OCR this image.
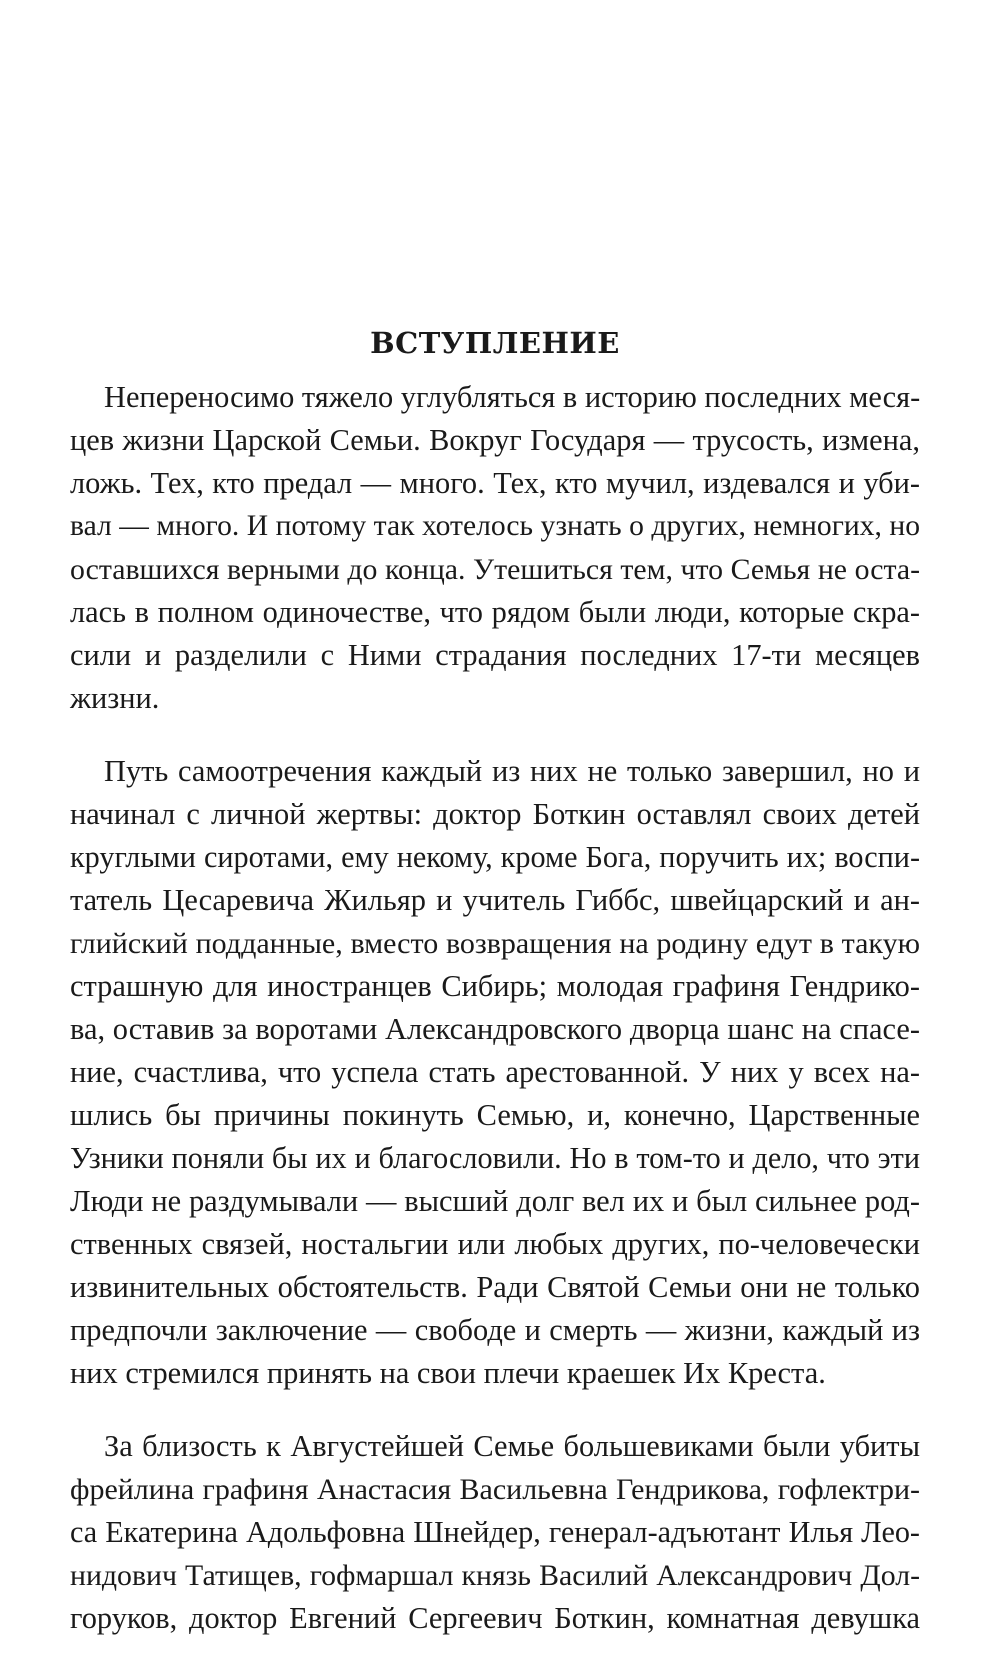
ВСТУПЛЕНИЕ
Непереносимо тяжело углубляться в историю последних меся-
цев жизни Царской Семьи. Вокруг Государя — трусость, измена,
ложь. Тех, кто предал — много. Тех, кто мучил, издевался и уби-
вал — много. И потому так хотелось узнать о других, немногих, но
оставшихся верными до конца. Утешиться тем, что Семья не оста-
лась в полном одиночестве, что рядом были люди, которые скра-
сили и разделили с Ними страдания последних 17-ти месяцев
жизни.
Путь самоотречения каждый из них не только завершил, но и
начинал с личной жертвы: доктор Боткин оставлял своих детей
круглыми сиротами, ему некому, кроме Бога, поручить их; воспи-
татель Цесаревича Жильяр и учитель Гиббс, швейцарский и ан-
глийский подданные, вместо возвращения на родину едут в такую
страшную для иностранцев Сибирь; молодая графиня Гендрико-
ва, оставив за воротами Александровского дворца шанс на спасе-
ние, счастлива, что успела стать арестованной. У них у всех на-
шлись бы причины покинуть Семью, и, конечно, Царственные
Узники поняли бы их и благословили. Но в том-то и дело, что эти
Люди не раздумывали — высший долг вел их и был сильнее род-
ственных связей, ностальгии или любых других, по-человечески
извинительных обстоятельств. Ради Святой Семьи они не только
предпочли заключение — свободе и смерть — жизни, каждый из
них стремился принять на свои плечи краешек Их Креста.
За близость к Августейшей Семье большевиками были убиты
фрейлина графиня Анастасия Васильевна Гендрикова, гофлектри-
са Екатерина Адольфовна Шнейдер, генерал-адъютант Илья Лео-
нидович Татищев, гофмаршал князь Василий Александрович Дол-
горуков, доктор Евгений Сергеевич Боткин, комнатная девушка
